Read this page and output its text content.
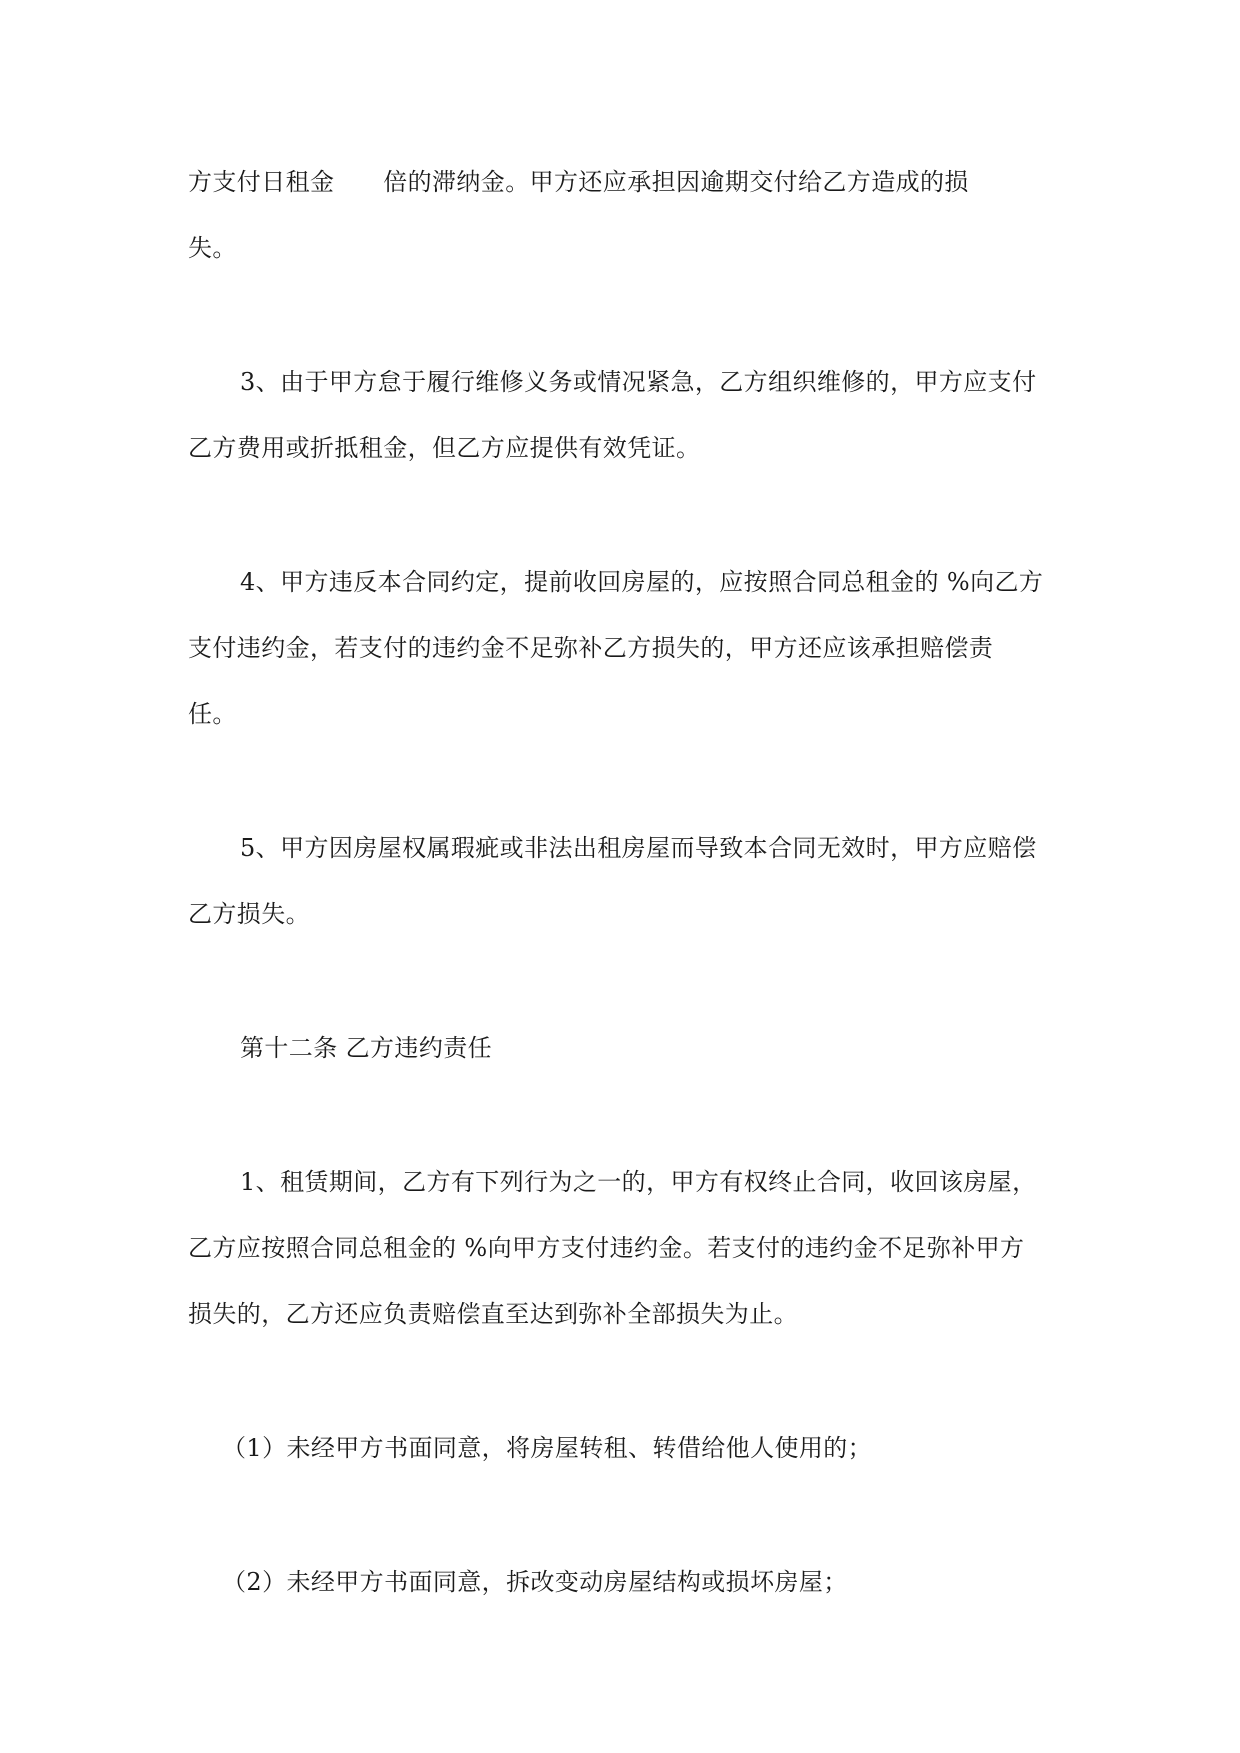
方支付日租金　　倍的滞纳金。甲方还应承担因逾期交付给乙方造成的损
失。
3、由于甲方怠于履行维修义务或情况紧急，乙方组织维修的，甲方应支付
乙方费用或折抵租金，但乙方应提供有效凭证。
4、甲方违反本合同约定，提前收回房屋的，应按照合同总租金的 %向乙方
支付违约金，若支付的违约金不足弥补乙方损失的，甲方还应该承担赔偿责
任。
5、甲方因房屋权属瑕疵或非法出租房屋而导致本合同无效时，甲方应赔偿
乙方损失。
第十二条 乙方违约责任
1、租赁期间，乙方有下列行为之一的，甲方有权终止合同，收回该房屋，
乙方应按照合同总租金的 %向甲方支付违约金。若支付的违约金不足弥补甲方
损失的，乙方还应负责赔偿直至达到弥补全部损失为止。
（1）未经甲方书面同意，将房屋转租、转借给他人使用的；
（2）未经甲方书面同意，拆改变动房屋结构或损坏房屋；
